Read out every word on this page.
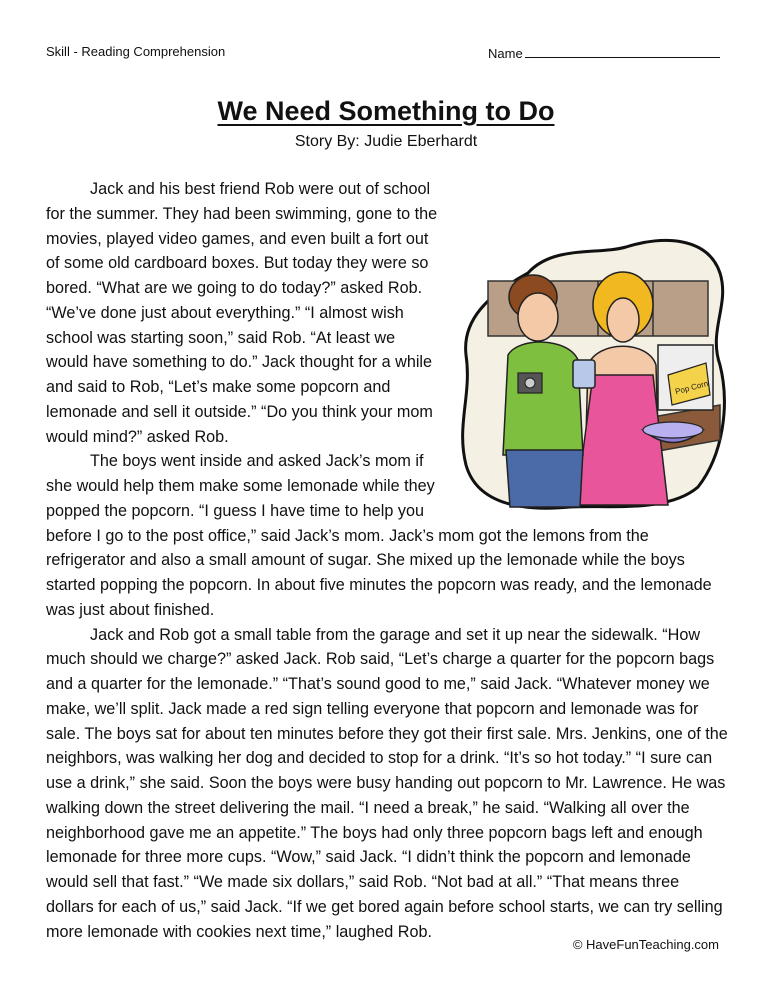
Skill - Reading Comprehension	Name
We Need Something to Do
Story By: Judie Eberhardt

Jack and his best friend Rob were out of school for the summer. They had been swimming, gone to the movies, played video games, and even built a fort out of some old cardboard boxes. But today they were so bored. “What are we going to do today?” asked Rob. “We’ve done just about everything.” “I almost wish school was starting soon,” said Rob. “At least we would have something to do.” Jack thought for a while and said to Rob, “Let’s make some popcorn and lemonade and sell it outside.” “Do you think your mom would mind?” asked Rob.

The boys went inside and asked Jack’s mom if she would help them make some lemonade while they popped the popcorn. “I guess I have time to help you before I go to the post office,” said Jack’s mom. Jack’s mom got the lemons from the refrigerator and also a small amount of sugar. She mixed up the lemonade while the boys started popping the popcorn. In about five minutes the popcorn was ready, and the lemonade was just about finished.

Jack and Rob got a small table from the garage and set it up near the sidewalk. “How much should we charge?” asked Jack. Rob said, “Let’s charge a quarter for the popcorn bags and a quarter for the lemonade.” “That’s sound good to me,” said Jack. “Whatever money we make, we’ll split. Jack made a red sign telling everyone that popcorn and lemonade was for sale. The boys sat for about ten minutes before they got their first sale. Mrs. Jenkins, one of the neighbors, was walking her dog and decided to stop for a drink. “It’s so hot today.” “I sure can use a drink,” she said. Soon the boys were busy handing out popcorn to Mr. Lawrence. He was walking down the street delivering the mail. “I need a break,” he said. “Walking all over the neighborhood gave me an appetite.” The boys had only three popcorn bags left and enough lemonade for three more cups. “Wow,” said Jack. “I didn’t think the popcorn and lemonade would sell that fast.” “We made six dollars,” said Rob. “Not bad at all.” “That means three dollars for each of us,” said Jack. “If we get bored again before school starts, we can try selling more lemonade with cookies next time,” laughed Rob.

Pop Corn
© HaveFunTeaching.com
